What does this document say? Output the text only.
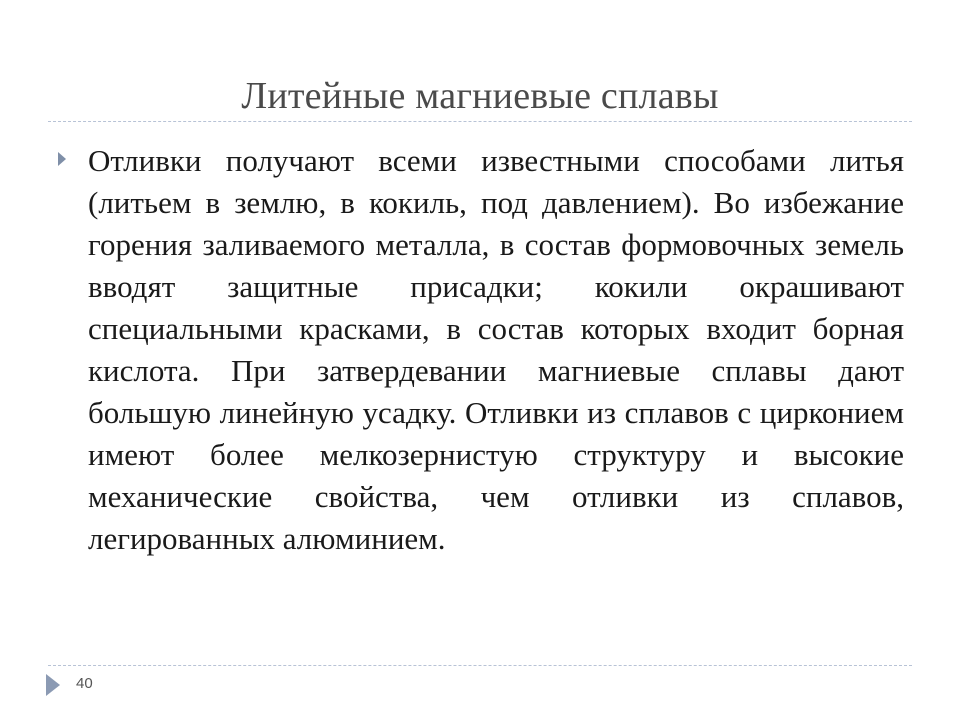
Литейные магниевые сплавы
Отливки получают всеми известными способами литья (литьем в землю, в кокиль, под давлением). Во избежание горения заливаемого металла, в состав формовочных земель вводят защитные присадки; кокили окрашивают специальными красками, в состав которых входит борная кислота. При затвердевании магниевые сплавы дают большую линейную усадку. Отливки из сплавов с цирконием имеют более мелкозернистую структуру и высокие механические свойства, чем отливки из сплавов, легированных алюминием.
40
